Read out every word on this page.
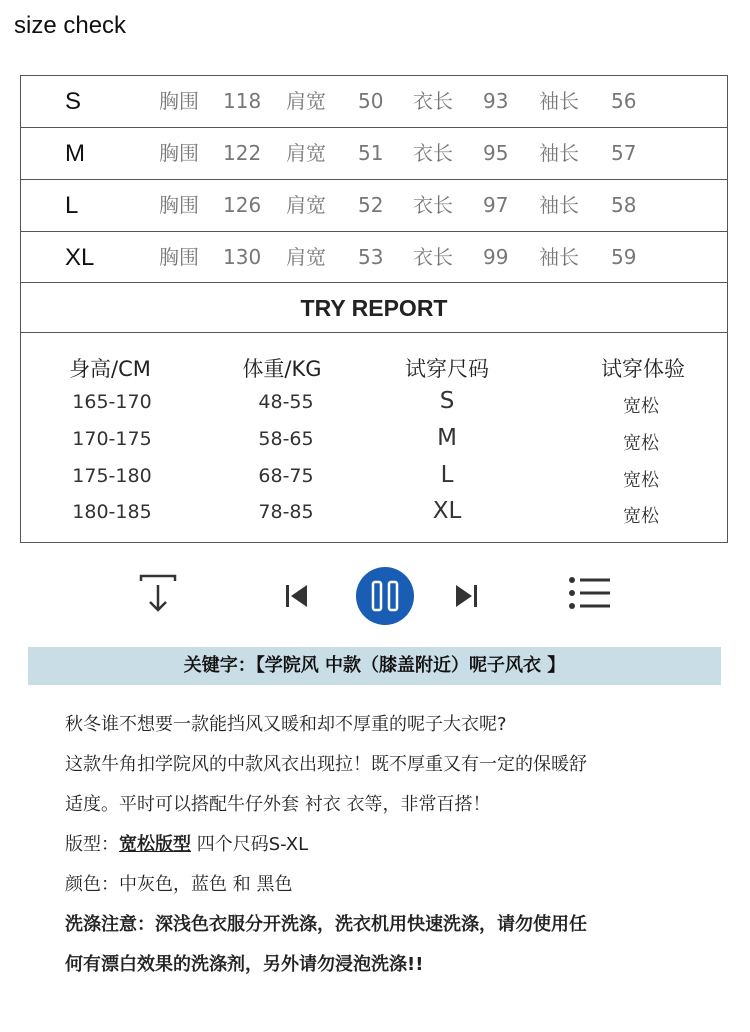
size check
S	胸围 118 肩宽 50 衣长 93 袖长 56
M	胸围 122 肩宽 51 衣长 95 袖长 57
L	胸围 126 肩宽 52 衣长 97 袖长 58
XL	胸围 130 肩宽 53 衣长 99 袖长 59
TRY REPORT
身高/CM	体重/KG	试穿尺码	试穿体验
165-170	48-55	S	宽松
170-175	58-65	M	宽松
175-180	68-75	L	宽松
180-185	78-85	XL	宽松
关键字：【学院风 中款（膝盖附近）呢子风衣 】
秋冬谁不想要一款能挡风又暖和却不厚重的呢子大衣呢?
这款牛角扣学院风的中款风衣出现拉！既不厚重又有一定的保暖舒
适度。平时可以搭配牛仔外套 衬衣 衣等，非常百搭！
版型：宽松版型 四个尺码S-XL
颜色：中灰色，蓝色 和 黑色
洗涤注意：深浅色衣服分开洗涤，洗衣机用快速洗涤，请勿使用任
何有漂白效果的洗涤剂，另外请勿浸泡洗涤!!
